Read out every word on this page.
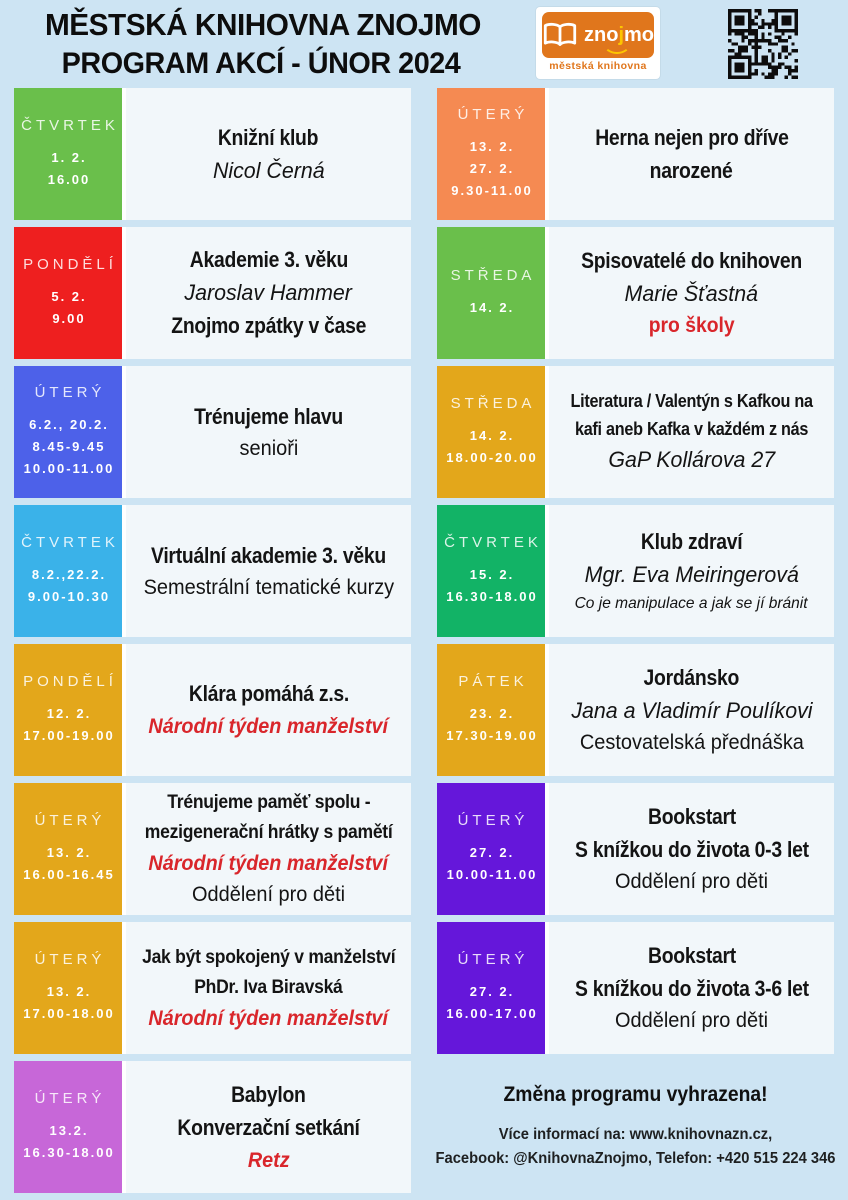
MĚSTSKÁ KNIHOVNA ZNOJMO
PROGRAM AKCÍ - ÚNOR 2024
znojmo
městská knihovna
ČTVRTEK
1. 2.
16.00
Knižní klub
Nicol Černá
PONDĚLÍ
5. 2.
9.00
Akademie 3. věku
Jaroslav Hammer
Znojmo zpátky v čase
ÚTERÝ
6.2., 20.2.
8.45-9.45
10.00-11.00
Trénujeme hlavu
senioři
ČTVRTEK
8.2.,22.2.
9.00-10.30
Virtuální akademie 3. věku
Semestrální tematické kurzy
PONDĚLÍ
12. 2.
17.00-19.00
Klára pomáhá z.s.
Národní týden manželství
ÚTERÝ
13. 2.
16.00-16.45
Trénujeme paměť spolu -
mezigenerační hrátky s pamětí
Národní týden manželství
Oddělení pro děti
ÚTERÝ
13. 2.
17.00-18.00
Jak být spokojený v manželství
PhDr. Iva Biravská
Národní týden manželství
ÚTERÝ
13.2.
16.30-18.00
Babylon
Konverzační setkání
Retz
ÚTERÝ
13. 2.
27. 2.
9.30-11.00
Herna nejen pro dříve
narozené
STŘEDA
14. 2.
Spisovatelé do knihoven
Marie Šťastná
pro školy
STŘEDA
14. 2.
18.00-20.00
Literatura / Valentýn s Kafkou na
kafi aneb Kafka v každém z nás
GaP Kollárova 27
ČTVRTEK
15. 2.
16.30-18.00
Klub zdraví
Mgr. Eva Meiringerová
Co je manipulace a jak se jí bránit
PÁTEK
23. 2.
17.30-19.00
Jordánsko
Jana a Vladimír Poulíkovi
Cestovatelská přednáška
ÚTERÝ
27. 2.
10.00-11.00
Bookstart
S knížkou do života 0-3 let
Oddělení pro děti
ÚTERÝ
27. 2.
16.00-17.00
Bookstart
S knížkou do života 3-6 let
Oddělení pro děti
Změna programu vyhrazena!
Více informací na: www.knihovnazn.cz,
Facebook: @KnihovnaZnojmo, Telefon: +420 515 224 346
